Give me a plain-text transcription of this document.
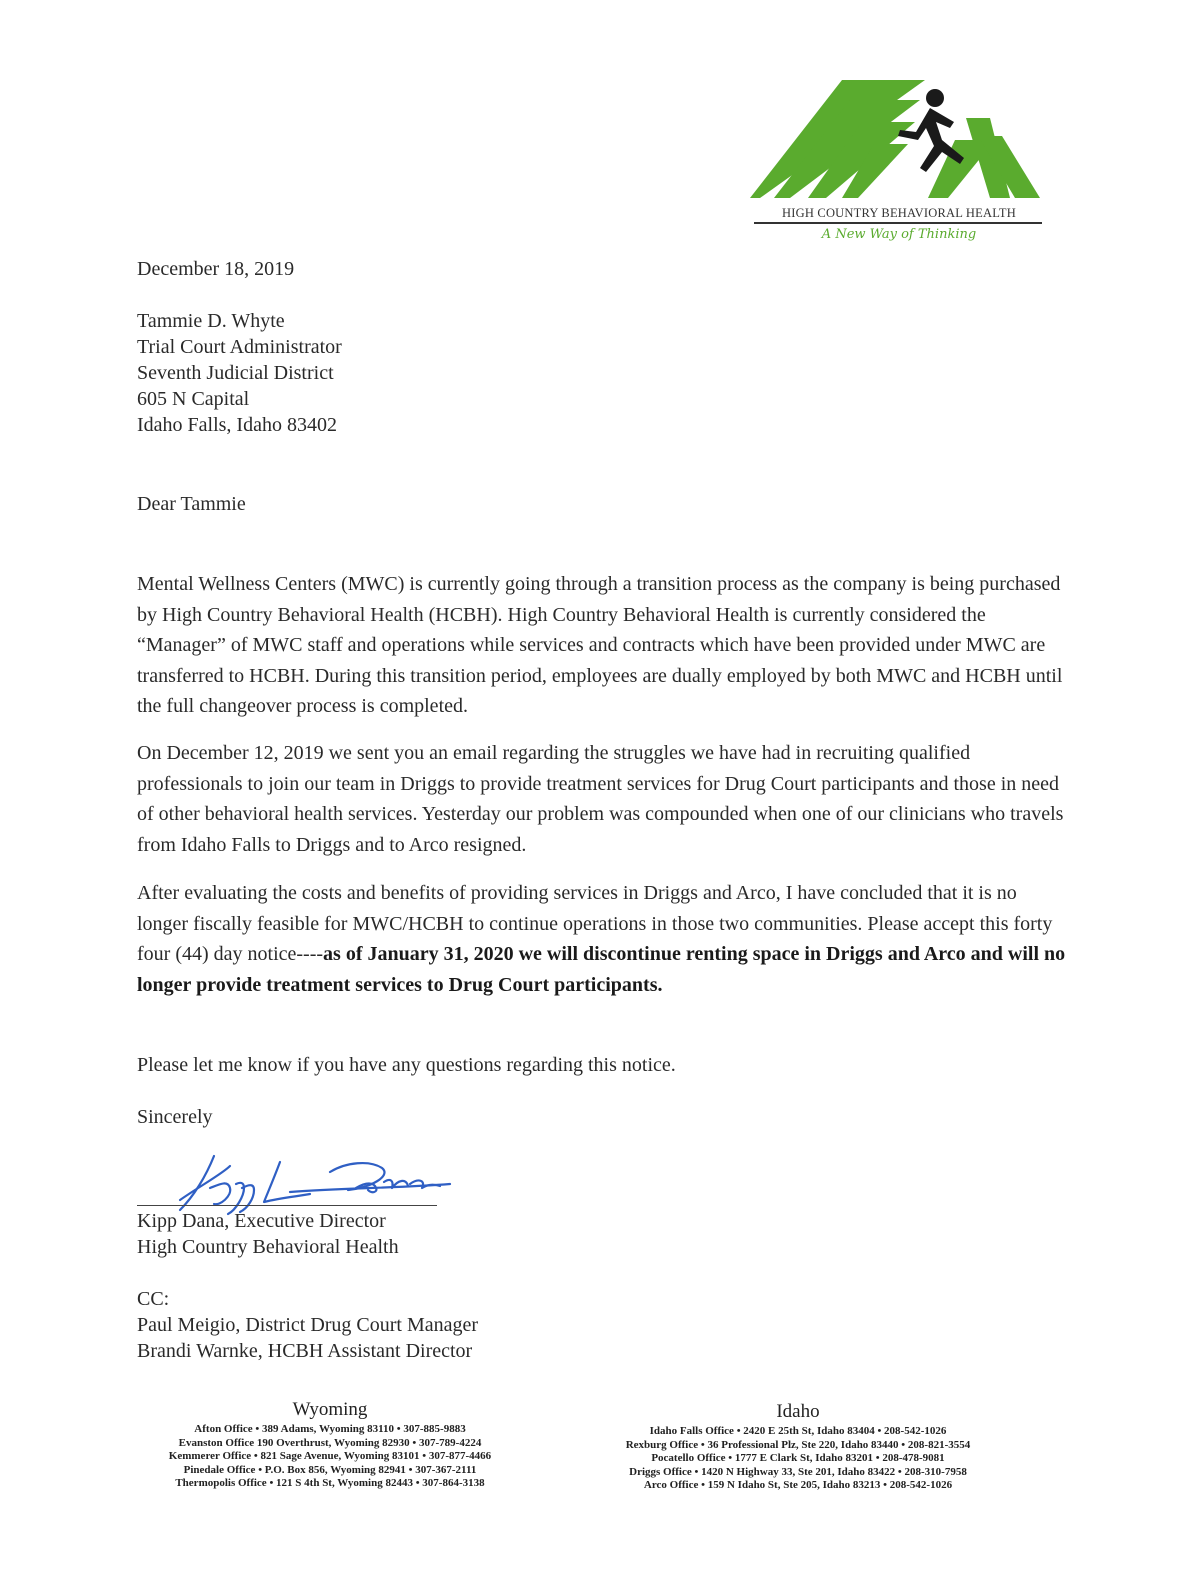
HIGH COUNTRY BEHAVIORAL HEALTH
A New Way of Thinking
December 18, 2019
Tammie D. Whyte
Trial Court Administrator
Seventh Judicial District
605 N Capital
Idaho Falls, Idaho 83402
Dear Tammie
Mental Wellness Centers (MWC) is currently going through a transition process as the company is being purchased by High Country Behavioral Health (HCBH). High Country Behavioral Health is currently considered the “Manager” of MWC staff and operations while services and contracts which have been provided under MWC are transferred to HCBH. During this transition period, employees are dually employed by both MWC and HCBH until the full changeover process is completed.
On December 12, 2019 we sent you an email regarding the struggles we have had in recruiting qualified professionals to join our team in Driggs to provide treatment services for Drug Court participants and those in need of other behavioral health services. Yesterday our problem was compounded when one of our clinicians who travels from Idaho Falls to Driggs and to Arco resigned.
After evaluating the costs and benefits of providing services in Driggs and Arco, I have concluded that it is no longer fiscally feasible for MWC/HCBH to continue operations in those two communities. Please accept this forty four (44) day notice----as of January 31, 2020 we will discontinue renting space in Driggs and Arco and will no longer provide treatment services to Drug Court participants.
Please let me know if you have any questions regarding this notice.
Sincerely
Kipp Dana, Executive Director
High Country Behavioral Health
CC:
Paul Meigio, District Drug Court Manager
Brandi Warnke, HCBH Assistant Director
Wyoming
Afton Office • 389 Adams, Wyoming 83110 • 307-885-9883
Evanston Office 190 Overthrust, Wyoming 82930 • 307-789-4224
Kemmerer Office • 821 Sage Avenue, Wyoming 83101 • 307-877-4466
Pinedale Office • P.O. Box 856, Wyoming 82941 • 307-367-2111
Thermopolis Office • 121 S 4th St, Wyoming 82443 • 307-864-3138
Idaho
Idaho Falls Office • 2420 E 25th St, Idaho 83404 • 208-542-1026
Rexburg Office • 36 Professional Plz, Ste 220, Idaho 83440 • 208-821-3554
Pocatello Office • 1777 E Clark St, Idaho 83201 • 208-478-9081
Driggs Office • 1420 N Highway 33, Ste 201, Idaho 83422 • 208-310-7958
Arco Office • 159 N Idaho St, Ste 205, Idaho 83213 • 208-542-1026
